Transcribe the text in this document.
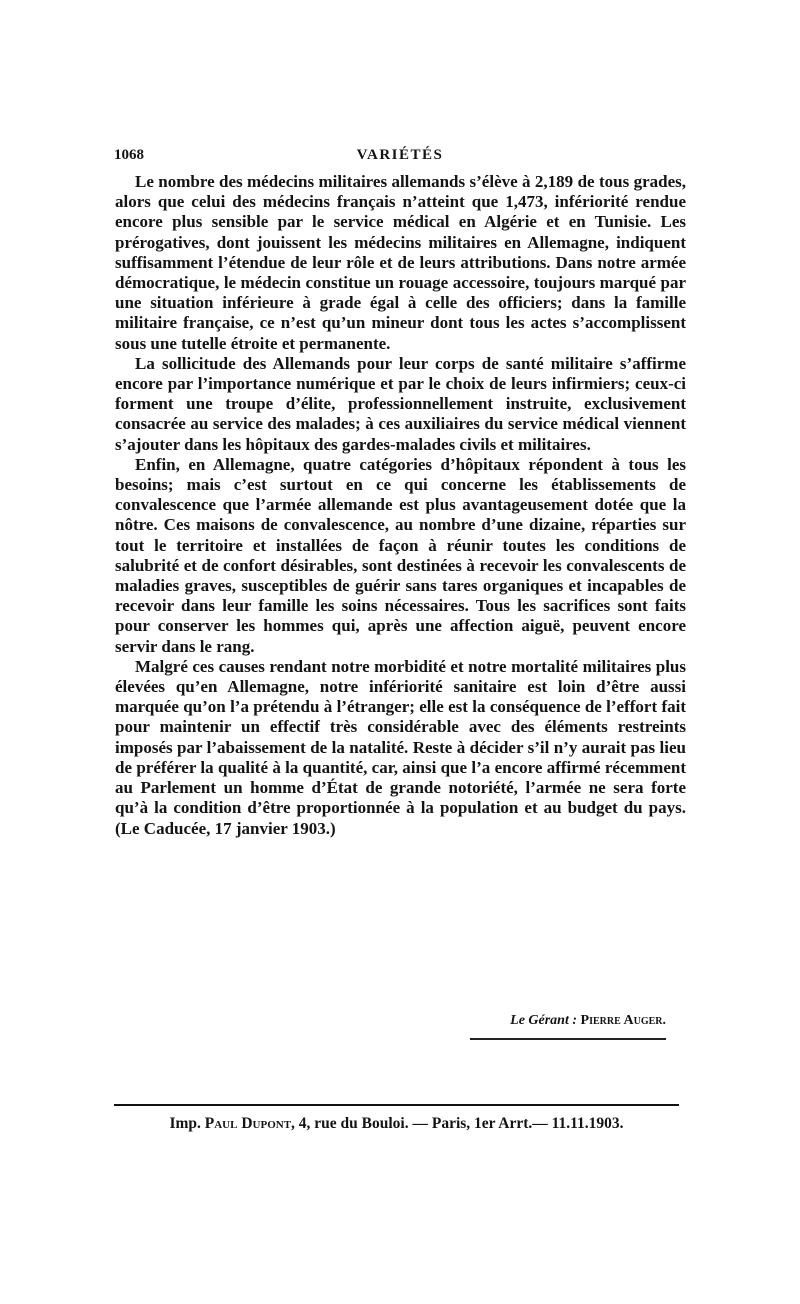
1068	VARIÉTÉS

Le nombre des médecins militaires allemands s’élève à 2,189 de tous grades, alors que celui des médecins français n’atteint que 1,473, infériorité rendue encore plus sensible par le service médical en Algérie et en Tunisie. Les prérogatives, dont jouissent les médecins militaires en Allemagne, indiquent suffisamment l’étendue de leur rôle et de leurs attributions. Dans notre armée démocratique, le médecin constitue un rouage accessoire, toujours marqué par une situation inférieure à grade égal à celle des officiers; dans la famille militaire française, ce n’est qu’un mineur dont tous les actes s’accomplissent sous une tutelle étroite et permanente.

La sollicitude des Allemands pour leur corps de santé militaire s’affirme encore par l’importance numérique et par le choix de leurs infirmiers; ceux-ci forment une troupe d’élite, professionnellement instruite, exclusivement consacrée au service des malades; à ces auxiliaires du service médical viennent s’ajouter dans les hôpitaux des gardes-malades civils et militaires.

Enfin, en Allemagne, quatre catégories d’hôpitaux répondent à tous les besoins; mais c’est surtout en ce qui concerne les établissements de convalescence que l’armée allemande est plus avantageusement dotée que la nôtre. Ces maisons de convalescence, au nombre d’une dizaine, réparties sur tout le territoire et installées de façon à réunir toutes les conditions de salubrité et de confort désirables, sont destinées à recevoir les convalescents de maladies graves, susceptibles de guérir sans tares organiques et incapables de recevoir dans leur famille les soins nécessaires. Tous les sacrifices sont faits pour conserver les hommes qui, après une affection aiguë, peuvent encore servir dans le rang.

Malgré ces causes rendant notre morbidité et notre mortalité militaires plus élevées qu’en Allemagne, notre infériorité sanitaire est loin d’être aussi marquée qu’on l’a prétendu à l’étranger; elle est la conséquence de l’effort fait pour maintenir un effectif très considérable avec des éléments restreints imposés par l’abaissement de la natalité. Reste à décider s’il n’y aurait pas lieu de préférer la qualité à la quantité, car, ainsi que l’a encore affirmé récemment au Parlement un homme d’État de grande notoriété, l’armée ne sera forte qu’à la condition d’être proportionnée à la population et au budget du pays. (Le Caducée, 17 janvier 1903.)

Le Gérant : Pierre Auger.
Imp. Paul Dupont, 4, rue du Bouloi. — Paris, 1er Arrt.— 11.11.1903.
